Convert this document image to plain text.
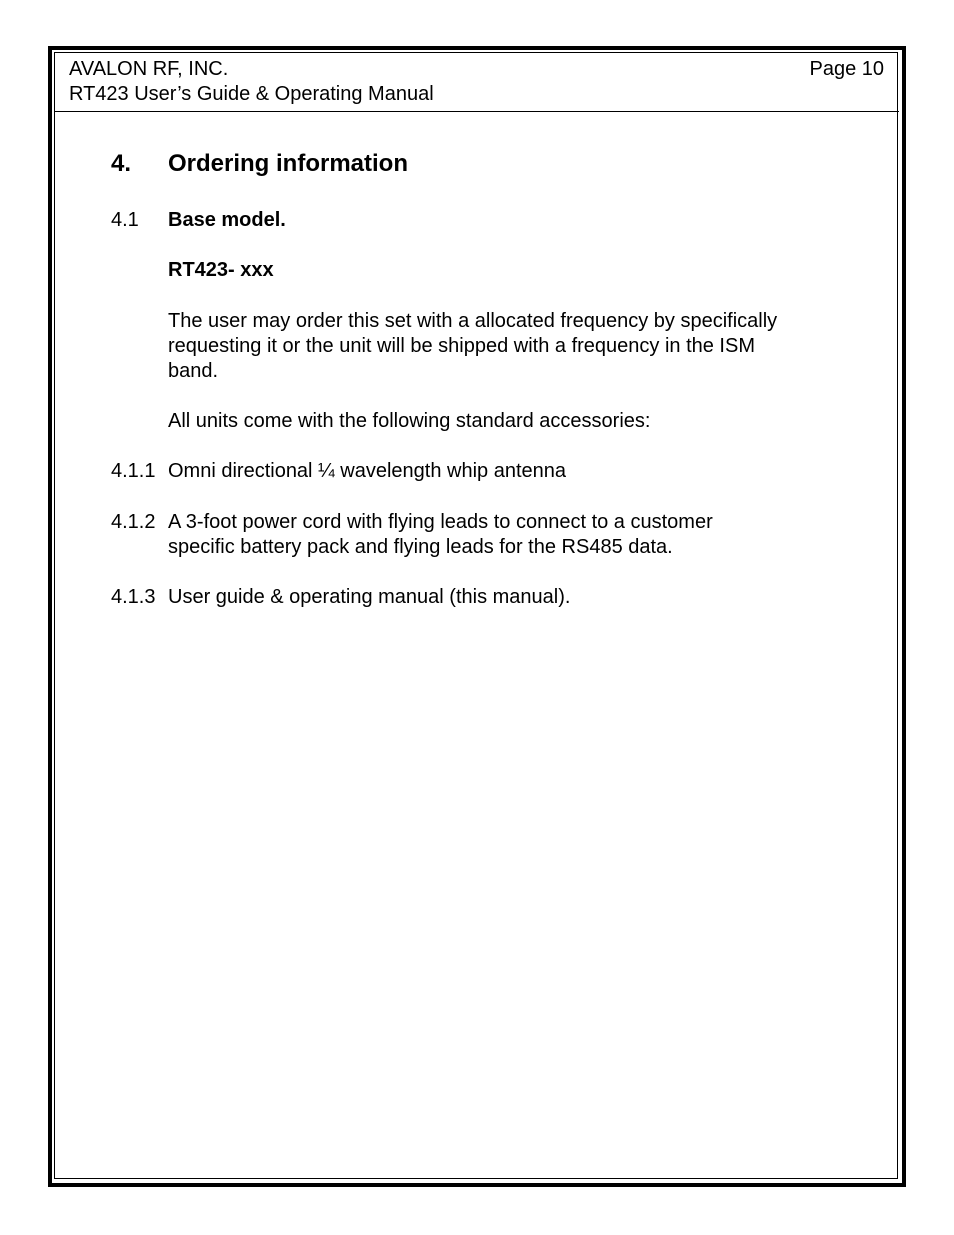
AVALON RF, INC.
RT423 User’s Guide & Operating Manual
Page 10
4. Ordering information
4.1 Base model.
RT423- xxx
The user may order this set with a allocated frequency by specifically
requesting it or the unit will be shipped with a frequency in the ISM
band.
All units come with the following standard accessories:
4.1.1 Omni directional ¼ wavelength whip antenna
4.1.2 A 3-foot power cord with flying leads to connect to a customer
specific battery pack and flying leads for the RS485 data.
4.1.3 User guide & operating manual (this manual).
